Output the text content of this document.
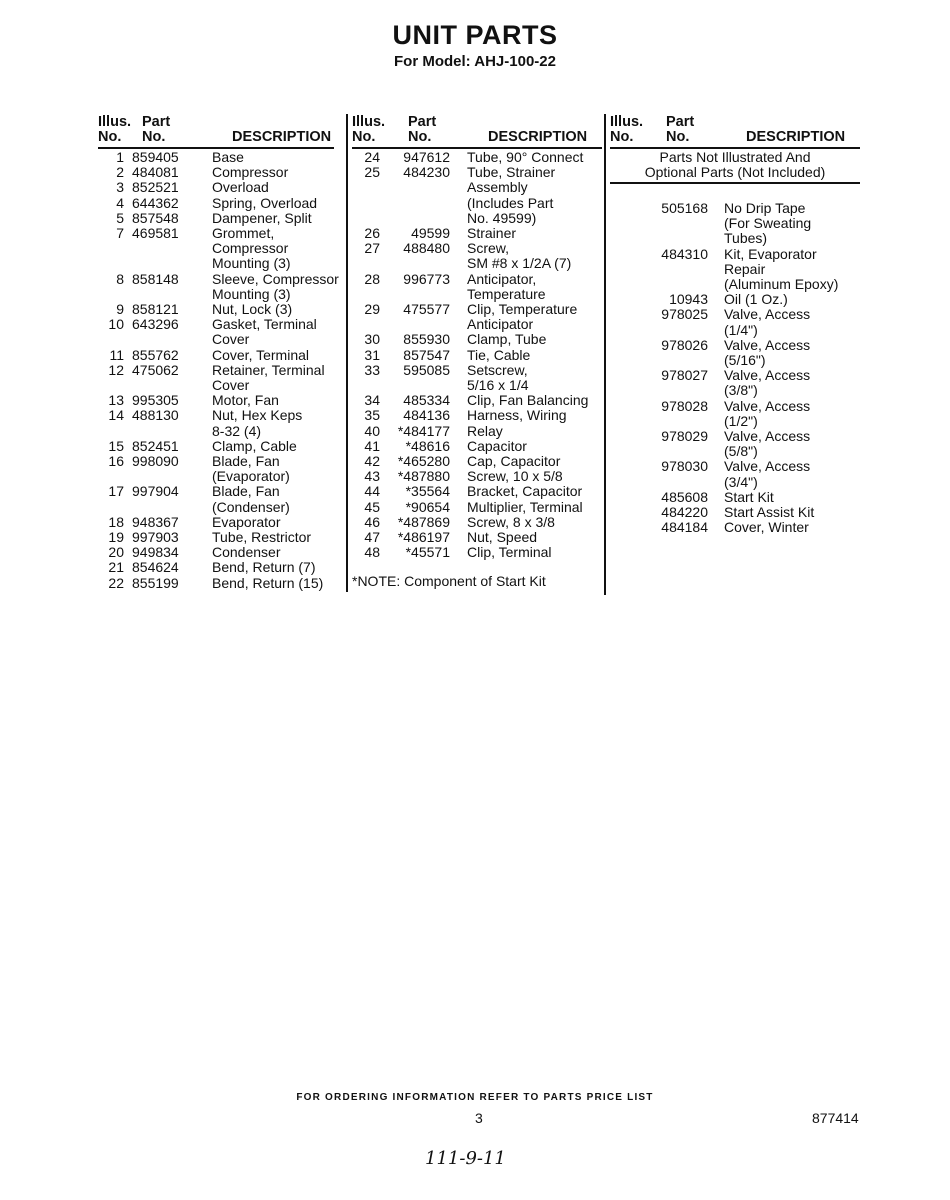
UNIT PARTS
For Model: AHJ-100-22
Illus.
No.
Part
No.	DESCRIPTION
1 859405	Base
2 484081	Compressor
3 852521	Overload
4 644362	Spring, Overload
5 857548	Dampener, Split
7 469581	Grommet,
Compressor
Mounting (3)
8 858148	Sleeve, Compressor
Mounting (3)
9 858121	Nut, Lock (3)
10 643296	Gasket, Terminal
Cover
11 855762	Cover, Terminal
12 475062	Retainer, Terminal
Cover
13 995305	Motor, Fan
14 488130	Nut, Hex Keps
8-32 (4)
15 852451	Clamp, Cable
16 998090	Blade, Fan
(Evaporator)
17 997904	Blade, Fan
(Condenser)
18 948367	Evaporator
19 997903	Tube, Restrictor
20 949834	Condenser
21 854624	Bend, Return (7)
22 855199	Bend, Return (15)
Illus.
No.
Part
No.	DESCRIPTION
24	947612 Tube, 90° Connect
25	484230 Tube, Strainer
Assembly
(Includes Part
No. 49599)
26	49599 Strainer
27	488480 Screw,
SM #8 x 1/2A (7)
28	996773 Anticipator,
Temperature
29	475577 Clip, Temperature
Anticipator
30	855930 Clamp, Tube
31	857547 Tie, Cable
33	595085 Setscrew,
5/16 x 1/4
34	485334 Clip, Fan Balancing
35	484136 Harness, Wiring
40	*484177 Relay
41	*48616 Capacitor
42	*465280 Cap, Capacitor
43	*487880 Screw, 10 x 5/8
44	*35564 Bracket, Capacitor
45	*90654 Multiplier, Terminal
46	*487869 Screw, 8 x 3/8
47	*486197 Nut, Speed
48	*45571 Clip, Terminal
Illus.
No.
Part
No.	DESCRIPTION
505168 No Drip Tape
(For Sweating
Tubes)
484310 Kit, Evaporator
Repair
(Aluminum Epoxy)
10943 Oil (1 Oz.)
978025 Valve, Access
(1/4")
978026 Valve, Access
(5/16")
978027 Valve, Access
(3/8")
978028 Valve, Access
(1/2")
978029 Valve, Access
(5/8")
978030 Valve, Access
(3/4")
485608 Start Kit
484220 Start Assist Kit
484184 Cover, Winter
*NOTE: Component of Start Kit
Parts Not Illustrated And
Optional Parts (Not Included)
FOR ORDERING INFORMATION REFER TO PARTS PRICE LIST
3	877414
111-9-11
